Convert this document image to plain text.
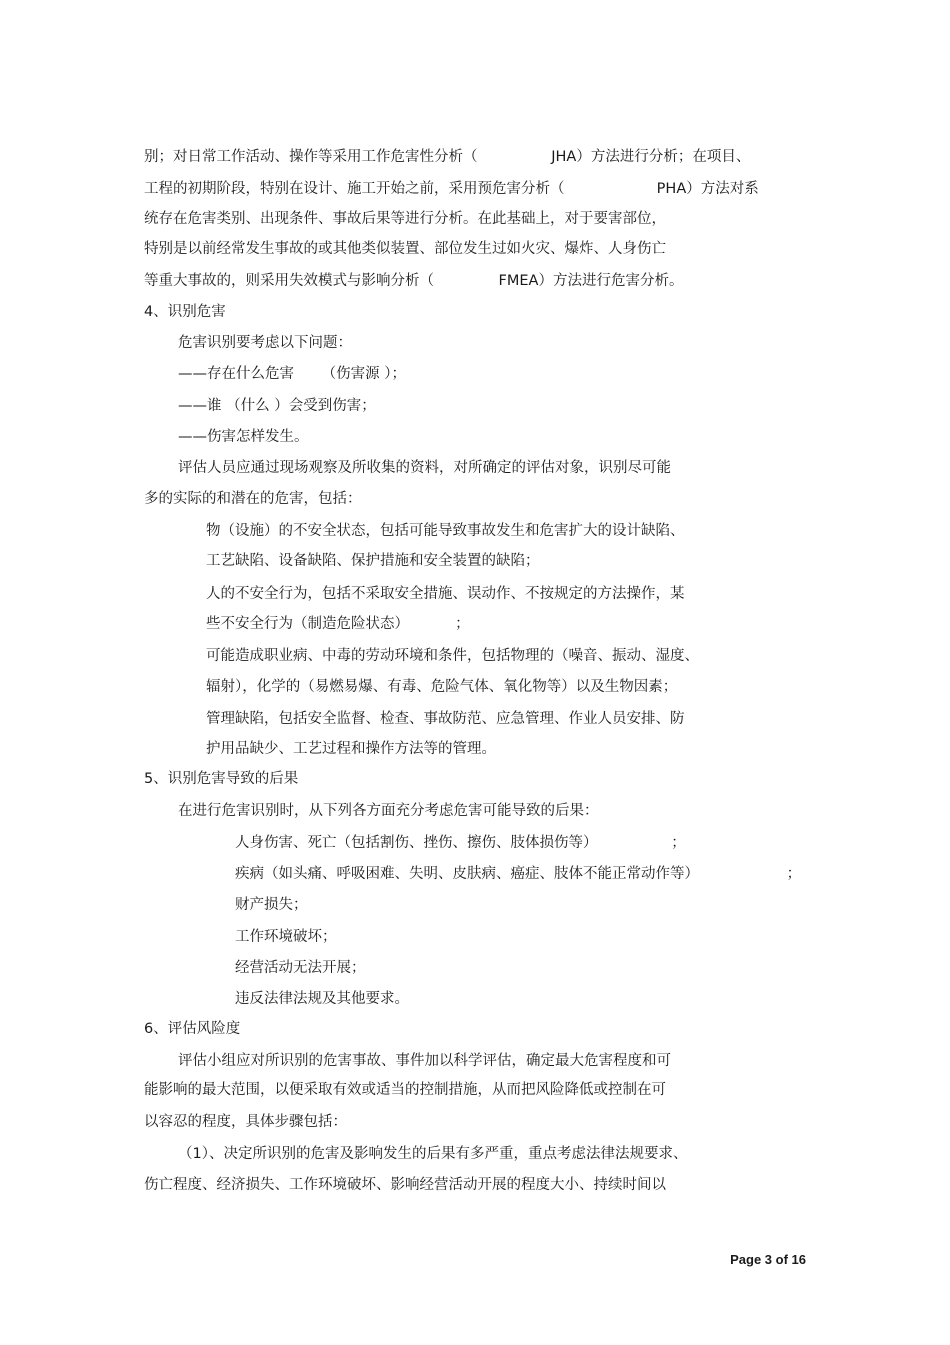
别；对日常工作活动、操作等采用工作危害性分析（                JHA）方法进行分析；在项目、
工程的初期阶段，特别在设计、施工开始之前，采用预危害分析（                    PHA）方法对系
统存在危害类别、出现条件、事故后果等进行分析。在此基础上，对于要害部位，
特别是以前经常发生事故的或其他类似装置、部位发生过如火灾、爆炸、人身伤亡
等重大事故的，则采用失效模式与影响分析（              FMEA）方法进行危害分析。
4、识别危害
危害识别要考虑以下问题：
——存在什么危害      （伤害源 ）；
——谁 （什么 ）会受到伤害；
——伤害怎样发生。
评估人员应通过现场观察及所收集的资料，对所确定的评估对象，识别尽可能
多的实际的和潜在的危害，包括：
物（设施）的不安全状态，包括可能导致事故发生和危害扩大的设计缺陷、
工艺缺陷、设备缺陷、保护措施和安全装置的缺陷；
人的不安全行为，包括不采取安全措施、误动作、不按规定的方法操作，某
些不安全行为（制造危险状态）          ；
可能造成职业病、中毒的劳动环境和条件，包括物理的（噪音、振动、湿度、
辐射），化学的（易燃易爆、有毒、危险气体、氧化物等）以及生物因素；
管理缺陷，包括安全监督、检查、事故防范、应急管理、作业人员安排、防
护用品缺少、工艺过程和操作方法等的管理。
5、识别危害导致的后果
在进行危害识别时，从下列各方面充分考虑危害可能导致的后果：
人身伤害、死亡（包括割伤、挫伤、擦伤、肢体损伤等）                ；
疾病（如头痛、呼吸困难、失明、皮肤病、癌症、肢体不能正常动作等）                   ；
财产损失；
工作环境破坏；
经营活动无法开展；
违反法律法规及其他要求。
6、评估风险度
评估小组应对所识别的危害事故、事件加以科学评估，确定最大危害程度和可
能影响的最大范围，以便采取有效或适当的控制措施，从而把风险降低或控制在可
以容忍的程度，具体步骤包括：
（1）、决定所识别的危害及影响发生的后果有多严重，重点考虑法律法规要求、
伤亡程度、经济损失、工作环境破坏、影响经营活动开展的程度大小、持续时间以
Page 3 of 16
